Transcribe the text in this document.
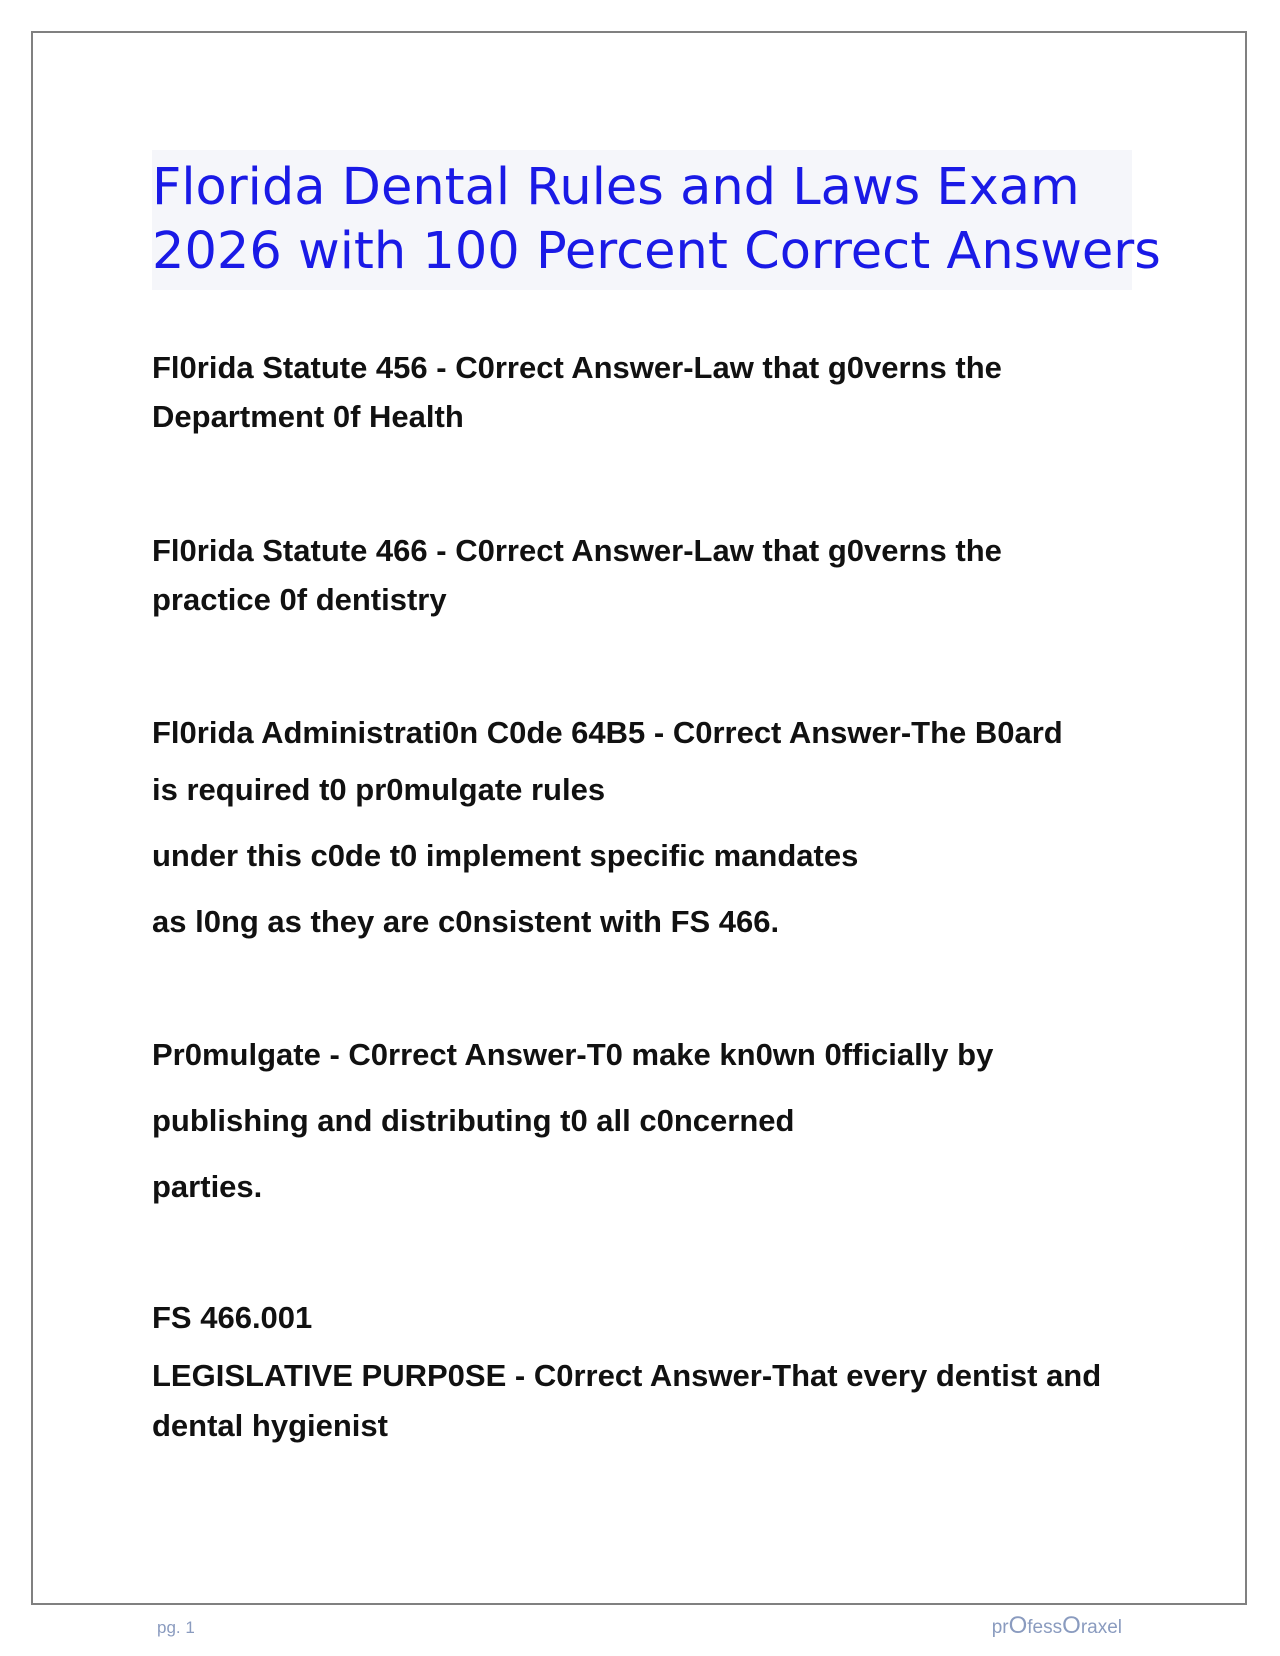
Florida Dental Rules and Laws Exam
2026 with 100 Percent Correct Answers
Fl0rida Statute 456 - C0rrect Answer-Law that g0verns the
Department 0f Health
Fl0rida Statute 466 - C0rrect Answer-Law that g0verns the
practice 0f dentistry
Fl0rida Administrati0n C0de 64B5 - C0rrect Answer-The B0ard
is required t0 pr0mulgate rules
under this c0de t0 implement specific mandates
as l0ng as they are c0nsistent with FS 466.
Pr0mulgate - C0rrect Answer-T0 make kn0wn 0fficially by
publishing and distributing t0 all c0ncerned
parties.
FS 466.001
LEGISLATIVE PURP0SE - C0rrect Answer-That every dentist and
dental hygienist
pg. 1	prOfessOraxel
